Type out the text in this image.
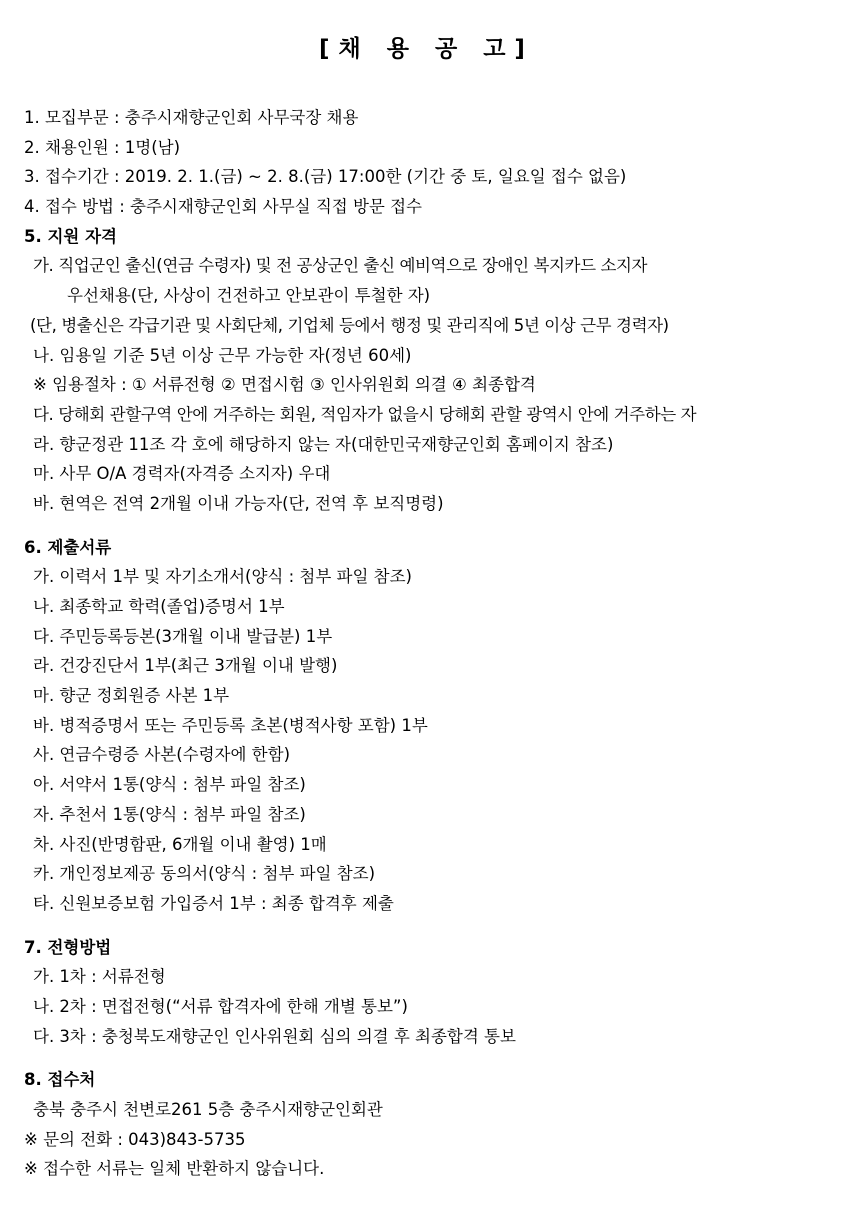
[채 용 공 고]
1. 모집부문 : 충주시재향군인회 사무국장 채용
2. 채용인원 : 1명(남)
3. 접수기간 : 2019. 2. 1.(금) ~ 2. 8.(금) 17:00한 (기간 중 토, 일요일 접수 없음)
4. 접수 방법 : 충주시재향군인회 사무실 직접 방문 접수
5. 지원 자격
가. 직업군인 출신(연금 수령자) 및 전 공상군인 출신 예비역으로 장애인 복지카드 소지자
우선채용(단, 사상이 건전하고 안보관이 투철한 자)
(단, 병출신은 각급기관 및 사회단체, 기업체 등에서 행정 및 관리직에 5년 이상 근무 경력자)
나. 임용일 기준 5년 이상 근무 가능한 자(정년 60세)
※ 임용절차 : ① 서류전형 ② 면접시험 ③ 인사위원회 의결 ④ 최종합격
다. 당해회 관할구역 안에 거주하는 회원, 적임자가 없을시 당해회 관할 광역시 안에 거주하는 자
라. 향군정관 11조 각 호에 해당하지 않는 자(대한민국재향군인회 홈페이지 참조)
마. 사무 O/A 경력자(자격증 소지자) 우대
바. 현역은 전역 2개월 이내 가능자(단, 전역 후 보직명령)
6. 제출서류
가. 이력서 1부 및 자기소개서(양식 : 첨부 파일 참조)
나. 최종학교 학력(졸업)증명서 1부
다. 주민등록등본(3개월 이내 발급분) 1부
라. 건강진단서 1부(최근 3개월 이내 발행)
마. 향군 정회원증 사본 1부
바. 병적증명서 또는 주민등록 초본(병적사항 포함) 1부
사. 연금수령증 사본(수령자에 한함)
아. 서약서 1통(양식 : 첨부 파일 참조)
자. 추천서 1통(양식 : 첨부 파일 참조)
차. 사진(반명함판, 6개월 이내 촬영) 1매
카. 개인정보제공 동의서(양식 : 첨부 파일 참조)
타. 신원보증보험 가입증서 1부 : 최종 합격후 제출
7. 전형방법
가. 1차 : 서류전형
나. 2차 : 면접전형(“서류 합격자에 한해 개별 통보”)
다. 3차 : 충청북도재향군인 인사위원회 심의 의결 후 최종합격 통보
8. 접수처
충북 충주시 천변로261 5층 충주시재향군인회관
※ 문의 전화 : 043)843-5735
※ 접수한 서류는 일체 반환하지 않습니다.
